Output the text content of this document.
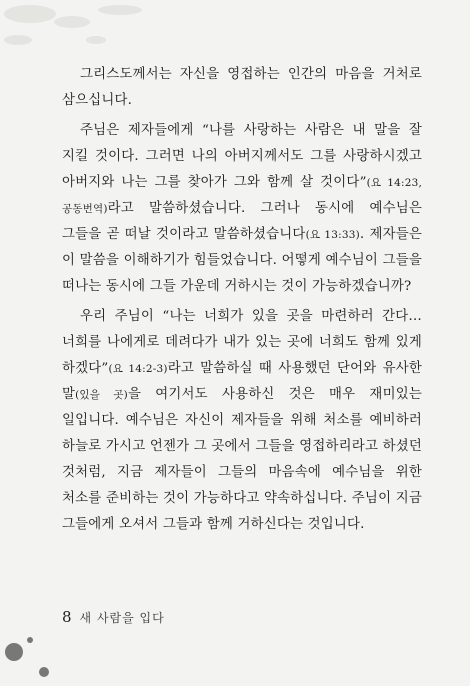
그리스도께서는 자신을 영접하는 인간의 마음을 거처로 삼으십니다.

주님은 제자들에게 “나를 사랑하는 사람은 내 말을 잘 지킬 것이다. 그러면 나의 아버지께서도 그를 사랑하시겠고 아버지와 나는 그를 찾아가 그와 함께 살 것이다”(요 14:23, 공동번역)라고 말씀하셨습니다. 그러나 동시에 예수님은 그들을 곧 떠날 것이라고 말씀하셨습니다(요 13:33). 제자들은 이 말씀을 이해하기가 힘들었습니다. 어떻게 예수님이 그들을 떠나는 동시에 그들 가운데 거하시는 것이 가능하겠습니까?

우리 주님이 “나는 너희가 있을 곳을 마련하러 간다…너희를 나에게로 데려다가 내가 있는 곳에 너희도 함께 있게 하겠다”(요 14:2-3)라고 말씀하실 때 사용했던 단어와 유사한 말(있을 곳)을 여기서도 사용하신 것은 매우 재미있는 일입니다. 예수님은 자신이 제자들을 위해 처소를 예비하러 하늘로 가시고 언젠가 그 곳에서 그들을 영접하리라고 하셨던 것처럼, 지금 제자들이 그들의 마음속에 예수님을 위한 처소를 준비하는 것이 가능하다고 약속하십니다. 주님이 지금 그들에게 오셔서 그들과 함께 거하신다는 것입니다.

8 새 사람을 입다
